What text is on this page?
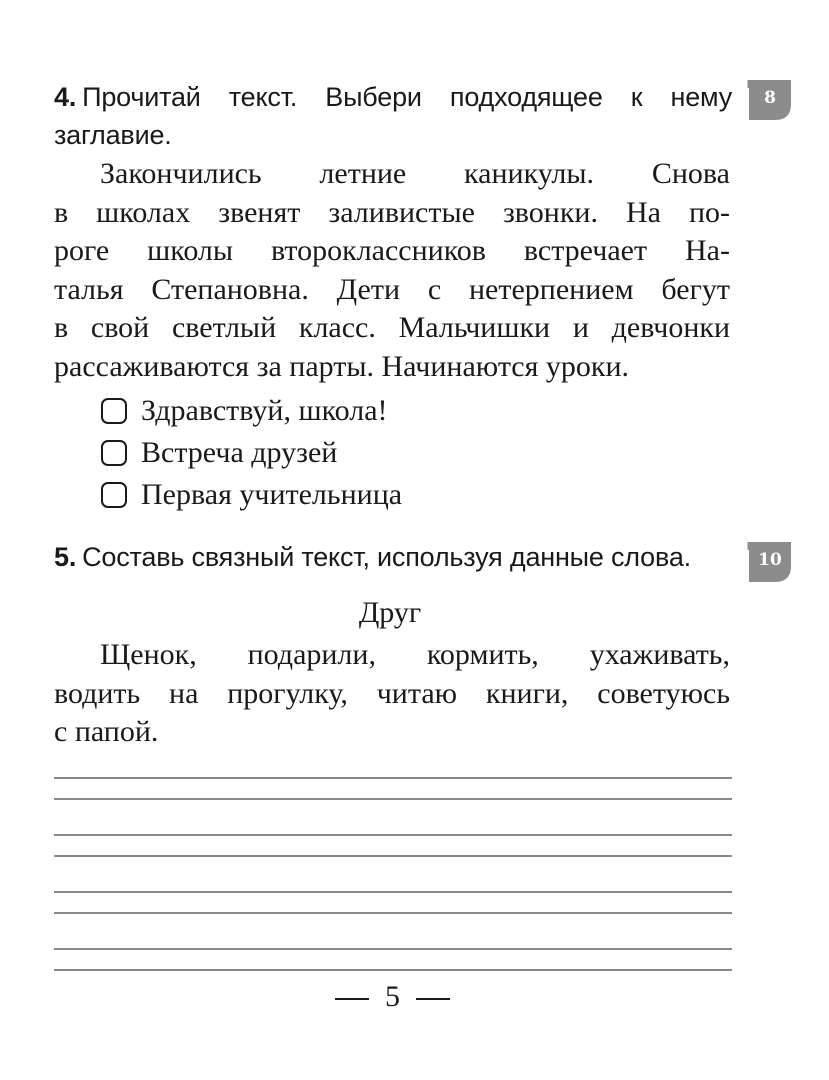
4. Прочитай текст. Выбери подходящее к нему заглавие.
8
Закончились летние каникулы. Снова
в школах звенят заливистые звонки. На по-
роге школы второклассников встречает На-
талья Степановна. Дети с нетерпением бегут
в свой светлый класс. Мальчишки и девчонки
рассаживаются за парты. Начинаются уроки.
Здравствуй, школа!
Встреча друзей
Первая учительница
5. Составь связный текст, используя данные слова.	10
Друг
Щенок, подарили, кормить, ухаживать,
водить на прогулку, читаю книги, советуюсь
с папой.
5
